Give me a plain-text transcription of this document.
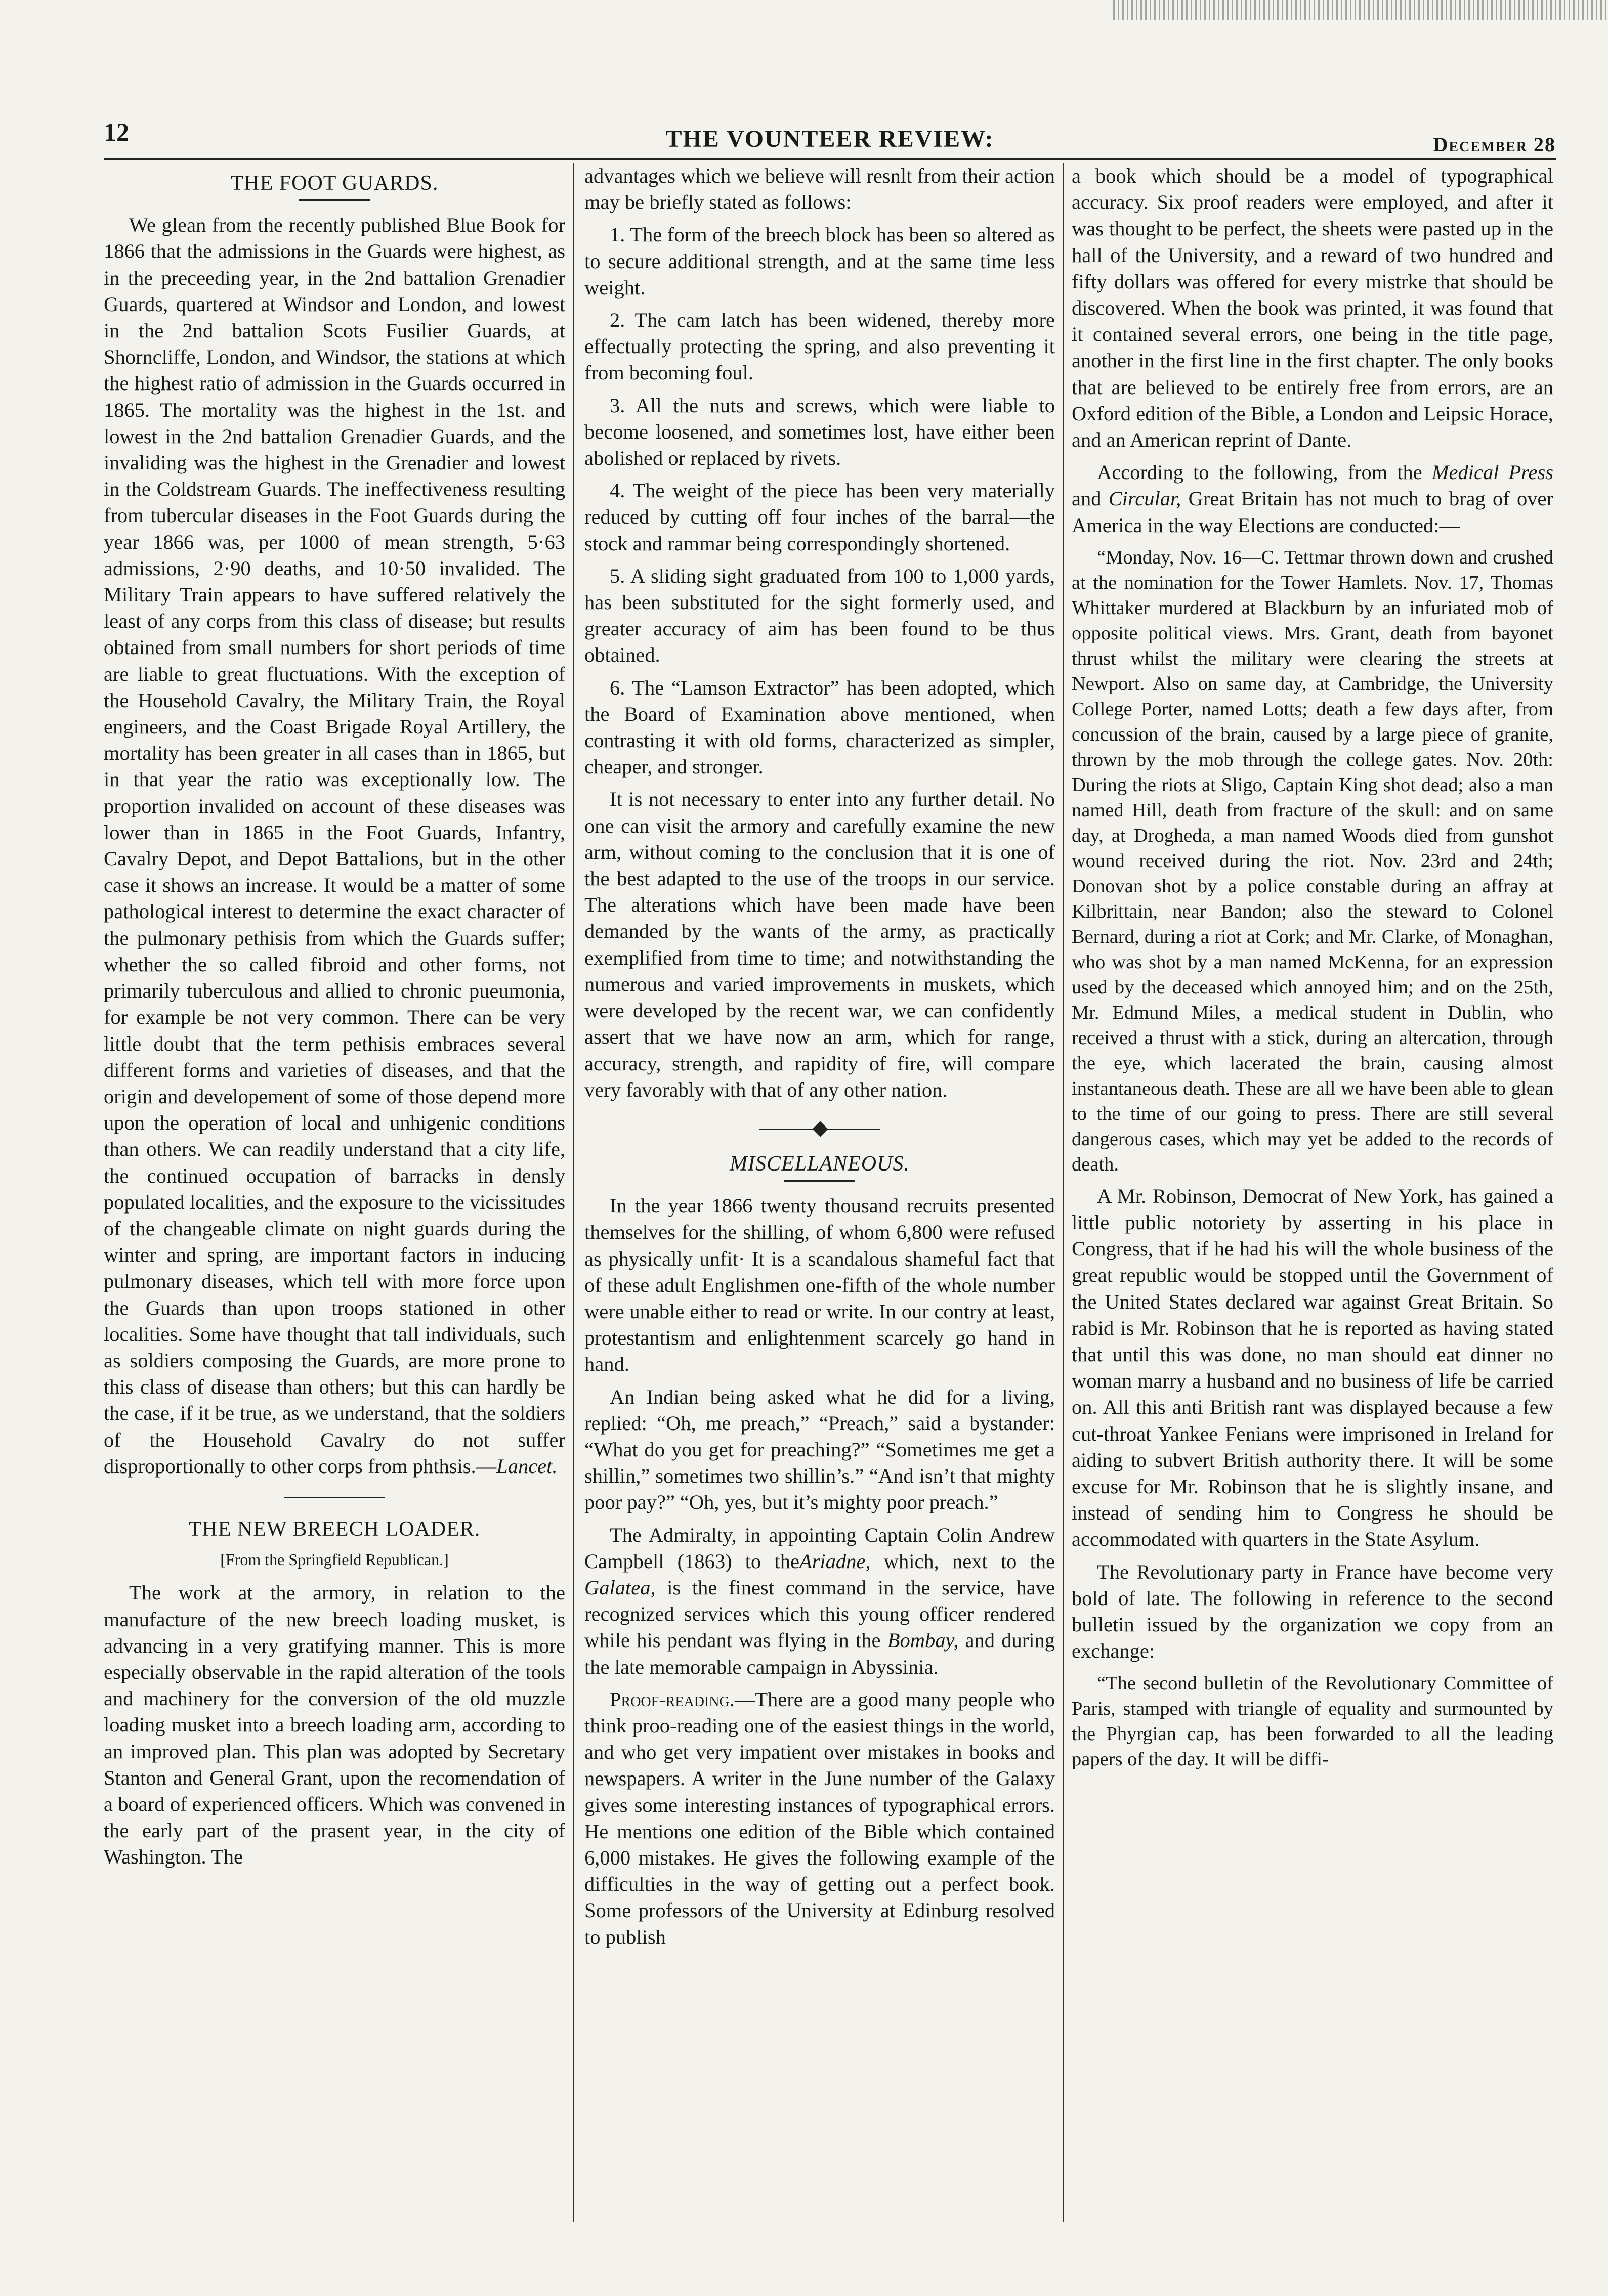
12	THE VOUNTEER REVIEW:	December 28
THE FOOT GUARDS.

We glean from the recently published Blue Book for 1866 that the admissions in the Guards were highest, as in the preceeding year, in the 2nd battalion Grenadier Guards, quartered at Windsor and London, and lowest in the 2nd battalion Scots Fusilier Guards, at Shorncliffe, London, and Windsor, the stations at which the highest ratio of admission in the Guards occurred in 1865. The mortality was the highest in the 1st. and lowest in the 2nd battalion Grenadier Guards, and the invaliding was the highest in the Grenadier and lowest in the Coldstream Guards. The ineffectiveness resulting from tubercular diseases in the Foot Guards during the year 1866 was, per 1000 of mean strength, 5·63 admissions, 2·90 deaths, and 10·50 invalided. The Military Train appears to have suffered relatively the least of any corps from this class of disease; but results obtained from small numbers for short periods of time are liable to great fluctuations. With the exception of the Household Cavalry, the Military Train, the Royal engineers, and the Coast Brigade Royal Artillery, the mortality has been greater in all cases than in 1865, but in that year the ratio was exceptionally low. The proportion invalided on account of these diseases was lower than in 1865 in the Foot Guards, Infantry, Cavalry Depot, and Depot Battalions, but in the other case it shows an increase. It would be a matter of some pathological interest to determine the exact character of the pulmonary pethisis from which the Guards suffer; whether the so called fibroid and other forms, not primarily tuberculous and allied to chronic pueumonia, for example be not very common. There can be very little doubt that the term pethisis embraces several different forms and varieties of diseases, and that the origin and developement of some of those depend more upon the operation of local and unhigenic conditions than others. We can readily understand that a city life, the continued occupation of barracks in densly populated localities, and the exposure to the vicissitudes of the changeable climate on night guards during the winter and spring, are important factors in inducing pulmonary diseases, which tell with more force upon the Guards than upon troops stationed in other localities. Some have thought that tall individuals, such as soldiers composing the Guards, are more prone to this class of disease than others; but this can hardly be the case, if it be true, as we understand, that the soldiers of the Household Cavalry do not suffer disproportionally to other corps from phthsis.—Lancet.

THE NEW BREECH LOADER.
[From the Springfield Republican.]

The work at the armory, in relation to the manufacture of the new breech loading musket, is advancing in a very gratifying manner. This is more especially observable in the rapid alteration of the tools and machinery for the conversion of the old muzzle loading musket into a breech loading arm, according to an improved plan. This plan was adopted by Secretary Stanton and General Grant, upon the recomendation of a board of experienced officers. Which was convened in the early part of the prasent year, in the city of Washington. The

advantages which we believe will resnlt from their action may be briefly stated as follows:

1. The form of the breech block has been so altered as to secure additional strength, and at the same time less weight.

2. The cam latch has been widened, thereby more effectually protecting the spring, and also preventing it from becoming foul.

3. All the nuts and screws, which were liable to become loosened, and sometimes lost, have either been abolished or replaced by rivets.

4. The weight of the piece has been very materially reduced by cutting off four inches of the barral—the stock and rammar being correspondingly shortened.

5. A sliding sight graduated from 100 to 1,000 yards, has been substituted for the sight formerly used, and greater accuracy of aim has been found to be thus obtained.

6. The “Lamson Extractor” has been adopted, which the Board of Examination above mentioned, when contrasting it with old forms, characterized as simpler, cheaper, and stronger.

It is not necessary to enter into any further detail. No one can visit the armory and carefully examine the new arm, without coming to the conclusion that it is one of the best adapted to the use of the troops in our service. The alterations which have been made have been demanded by the wants of the army, as practically exemplified from time to time; and notwithstanding the numerous and varied improvements in muskets, which were developed by the recent war, we can confidently assert that we have now an arm, which for range, accuracy, strength, and rapidity of fire, will compare very favorably with that of any other nation.

MISCELLANEOUS.

In the year 1866 twenty thousand recruits presented themselves for the shilling, of whom 6,800 were refused as physically unfit· It is a scandalous shameful fact that of these adult Englishmen one-fifth of the whole number were unable either to read or write. In our contry at least, protestantism and enlightenment scarcely go hand in hand.

An Indian being asked what he did for a living, replied: “Oh, me preach,” “Preach,” said a bystander: “What do you get for preaching?” “Sometimes me get a shillin,” sometimes two shillin’s.” “And isn’t that mighty poor pay?” “Oh, yes, but it’s mighty poor preach.”

The Admiralty, in appointing Captain Colin Andrew Campbell (1863) to theAriadne, which, next to the Galatea, is the finest command in the service, have recognized services which this young officer rendered while his pendant was flying in the Bombay, and during the late memorable campaign in Abyssinia.

Proof-reading.—There are a good many people who think proo-reading one of the easiest things in the world, and who get very impatient over mistakes in books and newspapers. A writer in the June number of the Galaxy gives some interesting instances of typographical errors. He mentions one edition of the Bible which contained 6,000 mistakes. He gives the following example of the difficulties in the way of getting out a perfect book. Some professors of the University at Edinburg resolved to publish

a book which should be a model of typographical accuracy. Six proof readers were employed, and after it was thought to be perfect, the sheets were pasted up in the hall of the University, and a reward of two hundred and fifty dollars was offered for every mistrke that should be discovered. When the book was printed, it was found that it contained several errors, one being in the title page, another in the first line in the first chapter. The only books that are believed to be entirely free from errors, are an Oxford edition of the Bible, a London and Leipsic Horace, and an American reprint of Dante.

According to the following, from the Medical Press and Circular, Great Britain has not much to brag of over America in the way Elections are conducted:—

“Monday, Nov. 16—C. Tettmar thrown down and crushed at the nomination for the Tower Hamlets. Nov. 17, Thomas Whittaker murdered at Blackburn by an infuriated mob of opposite political views. Mrs. Grant, death from bayonet thrust whilst the military were clearing the streets at Newport. Also on same day, at Cambridge, the University College Porter, named Lotts; death a few days after, from concussion of the brain, caused by a large piece of granite, thrown by the mob through the college gates. Nov. 20th: During the riots at Sligo, Captain King shot dead; also a man named Hill, death from fracture of the skull: and on same day, at Drogheda, a man named Woods died from gunshot wound received during the riot. Nov. 23rd and 24th; Donovan shot by a police constable during an affray at Kilbrittain, near Bandon; also the steward to Colonel Bernard, during a riot at Cork; and Mr. Clarke, of Monaghan, who was shot by a man named McKenna, for an expression used by the deceased which annoyed him; and on the 25th, Mr. Edmund Miles, a medical student in Dublin, who received a thrust with a stick, during an altercation, through the eye, which lacerated the brain, causing almost instantaneous death. These are all we have been able to glean to the time of our going to press. There are still several dangerous cases, which may yet be added to the records of death.

A Mr. Robinson, Democrat of New York, has gained a little public notoriety by asserting in his place in Congress, that if he had his will the whole business of the great republic would be stopped until the Government of the United States declared war against Great Britain. So rabid is Mr. Robinson that he is reported as having stated that until this was done, no man should eat dinner no woman marry a husband and no business of life be carried on. All this anti British rant was displayed because a few cut-throat Yankee Fenians were imprisoned in Ireland for aiding to subvert British authority there. It will be some excuse for Mr. Robinson that he is slightly insane, and instead of sending him to Congress he should be accommodated with quarters in the State Asylum.

The Revolutionary party in France have become very bold of late. The following in reference to the second bulletin issued by the organization we copy from an exchange:

“The second bulletin of the Revolutionary Committee of Paris, stamped with triangle of equality and surmounted by the Phyrgian cap, has been forwarded to all the leading papers of the day. It will be diffi-
